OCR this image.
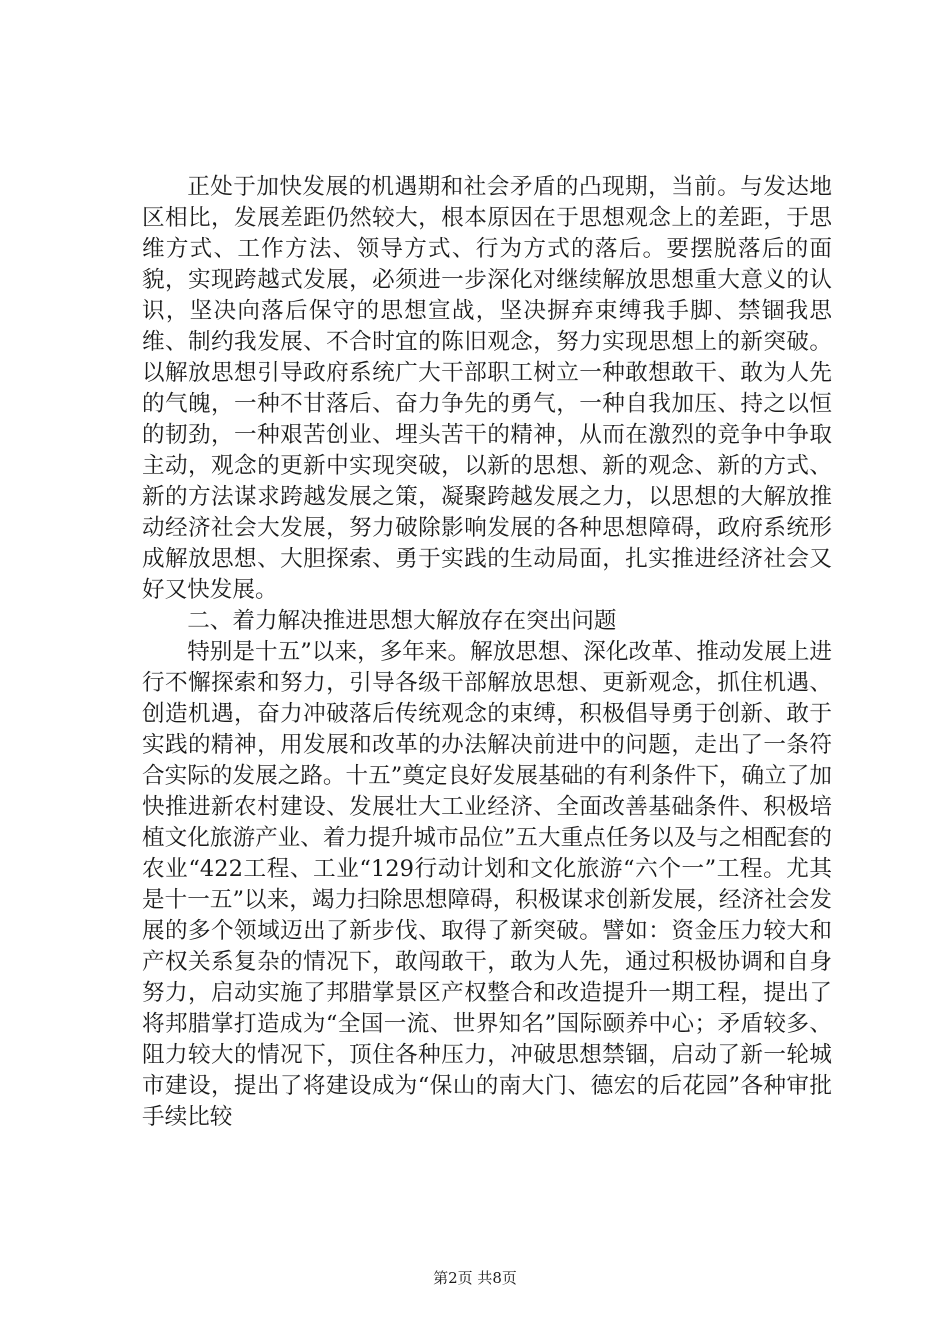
正处于加快发展的机遇期和社会矛盾的凸现期，当前。与发达地区相比，发展差距仍然较大，根本原因在于思想观念上的差距，于思维方式、工作方法、领导方式、行为方式的落后。要摆脱落后的面貌，实现跨越式发展，必须进一步深化对继续解放思想重大意义的认识，坚决向落后保守的思想宣战，坚决摒弃束缚我手脚、禁锢我思维、制约我发展、不合时宜的陈旧观念，努力实现思想上的新突破。以解放思想引导政府系统广大干部职工树立一种敢想敢干、敢为人先的气魄，一种不甘落后、奋力争先的勇气，一种自我加压、持之以恒的韧劲，一种艰苦创业、埋头苦干的精神，从而在激烈的竞争中争取主动，观念的更新中实现突破，以新的思想、新的观念、新的方式、新的方法谋求跨越发展之策，凝聚跨越发展之力，以思想的大解放推动经济社会大发展，努力破除影响发展的各种思想障碍，政府系统形成解放思想、大胆探索、勇于实践的生动局面，扎实推进经济社会又好又快发展。

二、着力解决推进思想大解放存在突出问题

特别是十五”以来，多年来。解放思想、深化改革、推动发展上进行不懈探索和努力，引导各级干部解放思想、更新观念，抓住机遇、创造机遇，奋力冲破落后传统观念的束缚，积极倡导勇于创新、敢于实践的精神，用发展和改革的办法解决前进中的问题，走出了一条符合实际的发展之路。十五”奠定良好发展基础的有利条件下，确立了加快推进新农村建设、发展壮大工业经济、全面改善基础条件、积极培植文化旅游产业、着力提升城市品位”五大重点任务以及与之相配套的农业“422工程、工业“129行动计划和文化旅游“六个一”工程。尤其是十一五”以来，竭力扫除思想障碍，积极谋求创新发展，经济社会发展的多个领域迈出了新步伐、取得了新突破。譬如：资金压力较大和产权关系复杂的情况下，敢闯敢干，敢为人先，通过积极协调和自身努力，启动实施了邦腊掌景区产权整合和改造提升一期工程，提出了将邦腊掌打造成为“全国一流、世界知名”国际颐养中心；矛盾较多、阻力较大的情况下，顶住各种压力，冲破思想禁锢，启动了新一轮城市建设，提出了将建设成为“保山的南大门、德宏的后花园”各种审批手续比较

第2页 共8页
